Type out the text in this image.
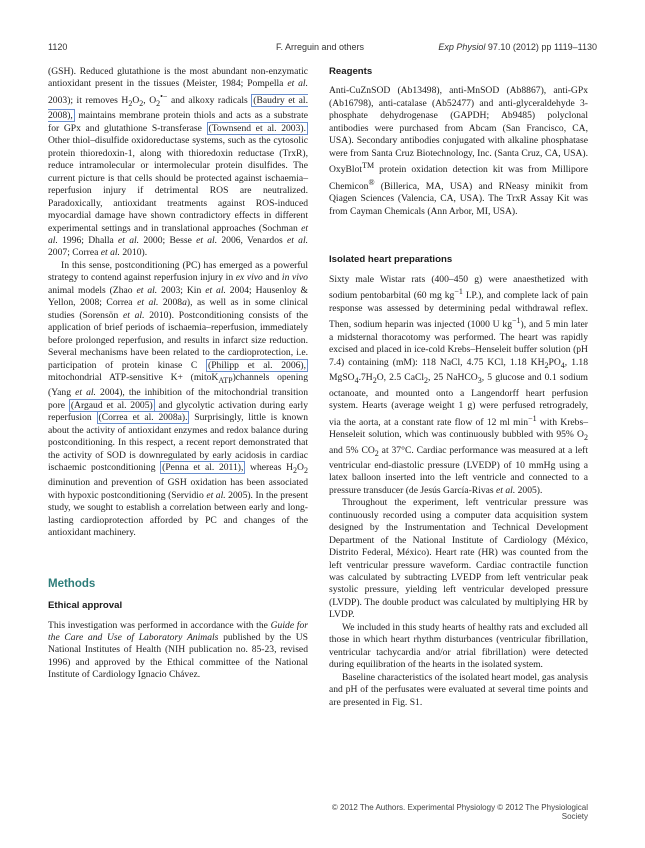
1120	F. Arreguin and others	Exp Physiol 97.10 (2012) pp 1119–1130

(GSH). Reduced glutathione is the most abundant non-enzymatic antioxidant present in the tissues (Meister, 1984; Pompella et al. 2003); it removes $H_2O_2$, $O_2^{•-}$ and alkoxy radicals (Baudry et al. 2008), maintains membrane protein thiols and acts as a substrate for GPx and glutathione S-transferase (Townsend et al. 2003). Other thiol–disulfide oxidoreductase systems, such as the cytosolic protein thioredoxin-1, along with thioredoxin reductase (TrxR), reduce intramolecular or intermolecular protein disulfides. The current picture is that cells should be protected against ischaemia–reperfusion injury if detrimental ROS are neutralized. Paradoxically, antioxidant treatments against ROS-induced myocardial damage have shown contradictory effects in different experimental settings and in translational approaches (Sochman et al. 1996; Dhalla et al. 2000; Besse et al. 2006, Venardos et al. 2007; Correa et al. 2010).

In this sense, postconditioning (PC) has emerged as a powerful strategy to contend against reperfusion injury in ex vivo and in vivo animal models (Zhao et al. 2003; Kin et al. 2004; Hausenloy & Yellon, 2008; Correa et al. 2008a), as well as in some clinical studies (Sorensön et al. 2010). Postconditioning consists of the application of brief periods of ischaemia–reperfusion, immediately before prolonged reperfusion, and results in infarct size reduction. Several mechanisms have been related to the cardioprotection, i.e. participation of protein kinase C (Philipp et al. 2006), mitochondrial ATP-sensitive K+ (mitoK$_{ATP}$)channels opening (Yang et al. 2004), the inhibition of the mitochondrial transition pore (Argaud et al. 2005) and glycolytic activation during early reperfusion (Correa et al. 2008a). Surprisingly, little is known about the activity of antioxidant enzymes and redox balance during postconditioning. In this respect, a recent report demonstrated that the activity of SOD is downregulated by early acidosis in cardiac ischaemic postconditioning (Penna et al. 2011), whereas $H_2O_2$ diminution and prevention of GSH oxidation has been associated with hypoxic postconditioning (Servidio et al. 2005). In the present study, we sought to establish a correlation between early and long-lasting cardioprotection afforded by PC and changes of the antioxidant machinery.

Methods

Ethical approval

This investigation was performed in accordance with the Guide for the Care and Use of Laboratory Animals published by the US National Institutes of Health (NIH publication no. 85-23, revised 1996) and approved by the Ethical committee of the National Institute of Cardiology Ignacio Chávez.

Reagents

Anti-CuZnSOD (Ab13498), anti-MnSOD (Ab8867), anti-GPx (Ab16798), anti-catalase (Ab52477) and anti-glyceraldehyde 3-phosphate dehydrogenase (GAPDH; Ab9485) polyclonal antibodies were purchased from Abcam (San Francisco, CA, USA). Secondary antibodies conjugated with alkaline phosphatase were from Santa Cruz Biotechnology, Inc. (Santa Cruz, CA, USA). OxyBlot™ protein oxidation detection kit was from Millipore Chemicon® (Billerica, MA, USA) and RNeasy minikit from Qiagen Sciences (Valencia, CA, USA). The TrxR Assay Kit was from Cayman Chemicals (Ann Arbor, MI, USA).

Isolated heart preparations

Sixty male Wistar rats (400–450 g) were anaesthetized with sodium pentobarbital (60 mg $kg^{-1}$ I.P.), and complete lack of pain response was assessed by determining pedal withdrawal reflex. Then, sodium heparin was injected (1000 U $kg^{-1}$), and 5 min later a midsternal thoracotomy was performed. The heart was rapidly excised and placed in ice-cold Krebs–Henseleit buffer solution (pH 7.4) containing (mM): 118 NaCl, 4.75 KCl, 1.18 $KH_2PO_4$, 1.18 $MgSO_4.7H_2O$, 2.5 CaCl$_2$, 25 NaHCO$_3$, 5 glucose and 0.1 sodium octanoate, and mounted onto a Langendorff heart perfusion system. Hearts (average weight 1 g) were perfused retrogradely, via the aorta, at a constant rate flow of 12 ml $\min^{-1}$ with Krebs–Henseleit solution, which was continuously bubbled with 95% $O_2$ and 5% $CO_2$ at 37°C. Cardiac performance was measured at a left ventricular end-diastolic pressure (LVEDP) of 10 mmHg using a latex balloon inserted into the left ventricle and connected to a pressure transducer (de Jesús García-Rivas et al. 2005).

Throughout the experiment, left ventricular pressure was continuously recorded using a computer data acquisition system designed by the Instrumentation and Technical Development Department of the National Institute of Cardiology (México, Distrito Federal, México). Heart rate (HR) was counted from the left ventricular pressure waveform. Cardiac contractile function was calculated by subtracting LVEDP from left ventricular peak systolic pressure, yielding left ventricular developed pressure (LVDP). The double product was calculated by multiplying HR by LVDP.

We included in this study hearts of healthy rats and excluded all those in which heart rhythm disturbances (ventricular fibrillation, ventricular tachycardia and/or atrial fibrillation) were detected during equilibration of the hearts in the isolated system.

Baseline characteristics of the isolated heart model, gas analysis and pH of the perfusates were evaluated at several time points and are presented in Fig. S1.

© 2012 The Authors. Experimental Physiology © 2012 The Physiological Society
